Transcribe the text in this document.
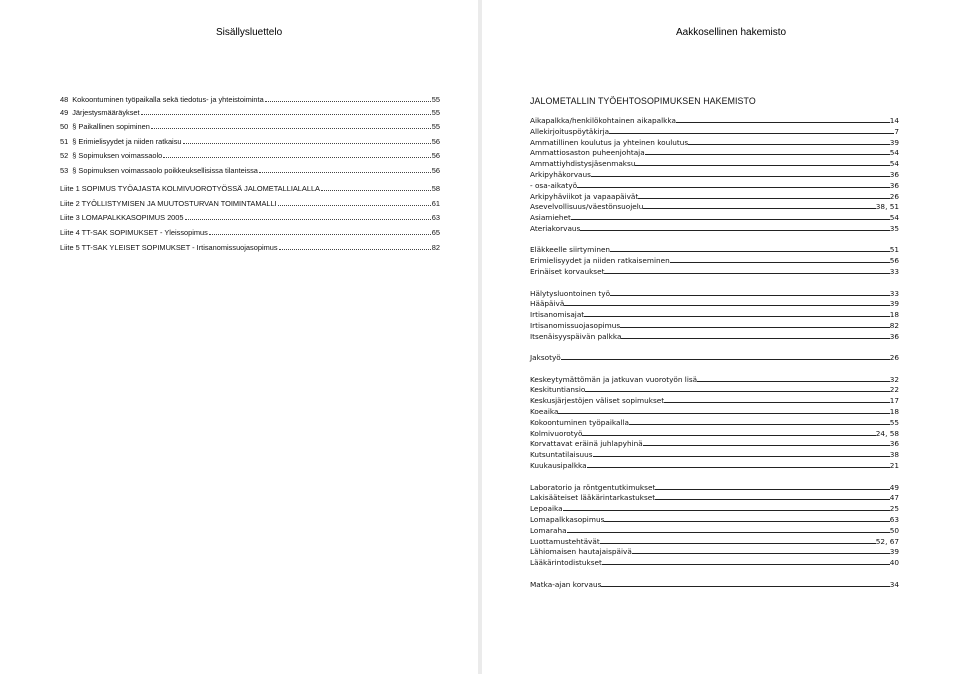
Sisällysluettelo
48 Kokoontuminen työpaikalla sekä tiedotus- ja yhteistoiminta	55
49 Järjestysmääräykset	55
50 § Paikallinen sopiminen	55
51 § Erimielisyydet ja niiden ratkaisu	56
52 § Sopimuksen voimassaolo	56
53 § Sopimuksen voimassaolo poikkeuksellisissa tilanteissa	56
Liite 1 SOPIMUS TYÖAJASTA KOLMIVUOROTYÖSSÄ JALOMETALLIALALLA	58
Liite 2 TYÖLLISTYMISEN JA MUUTOSTURVAN TOIMINTAMALLI	61
Liite 3 LOMAPALKKASOPIMUS 2005	63
Liite 4 TT-SAK SOPIMUKSET - Yleissopimus	65
Liite 5 TT-SAK YLEISET SOPIMUKSET - Irtisanomissuojasopimus	82
Aakkosellinen hakemisto
JALOMETALLIN TYÖEHTOSOPIMUKSEN HAKEMISTO
Aikapalkka/henkilökohtainen aikapalkka	14
Allekirjoituspöytäkirja	7
Ammatillinen koulutus ja yhteinen koulutus	39
Ammattiosaston puheenjohtaja	54
Ammattiyhdistysjäsenmaksu	54
Arkipyhäkorvaus	36
- osa-aikatyö	36
Arkipyhäviikot ja vapaapäivät	26
Asevelvollisuus/väestönsuojelu	38, 51
Asiamiehet	54
Ateriakorvaus	35
Eläkkeelle siirtyminen	51
Erimielisyydet ja niiden ratkaiseminen	56
Erinäiset korvaukset	33
Hälytysluontoinen työ	33
Hääpäivä	39
Irtisanomisajat	18
Irtisanomissuojasopimus	82
Itsenäisyyspäivän palkka	36
Jaksotyö	26
Keskeytymättömän ja jatkuvan vuorotyön lisä	32
Keskituntiansio	22
Keskusjärjestöjen väliset sopimukset	17
Koeaika	18
Kokoontuminen työpaikalla	55
Kolmivuorotyö	24, 58
Korvattavat eräinä juhlapyhinä	36
Kutsuntatilaisuus	38
Kuukausipalkka	21
Laboratorio ja röntgentutkimukset	49
Lakisääteiset lääkärintarkastukset	47
Lepoaika	25
Lomapalkkasopimus	63
Lomaraha	50
Luottamustehtävät	52, 67
Lähiomaisen hautajaispäivä	39
Lääkärintodistukset	40
Matka-ajan korvaus	34
